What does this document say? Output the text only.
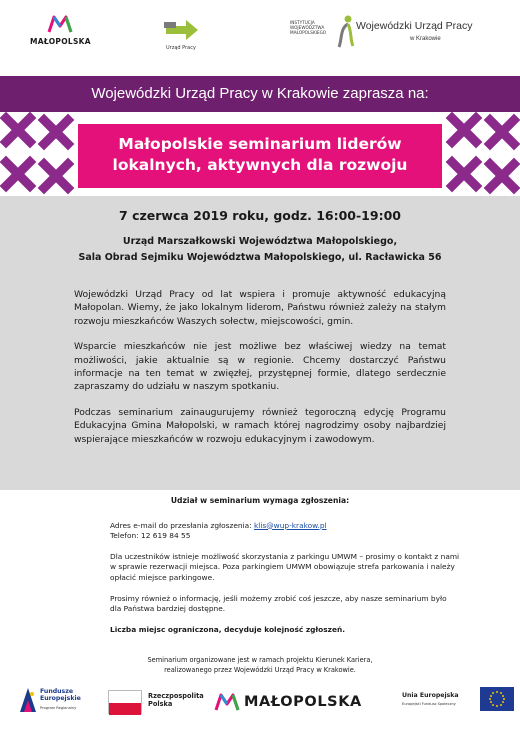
MAŁOPOLSKA
Urząd Pracy
INSTYTUCJA
WOJEWÓDZTWA
MAŁOPOLSKIEGO
Wojewódzki Urząd Pracy
w Krakowie
Wojewódzki Urząd Pracy w Krakowie zaprasza na:
Małopolskie seminarium liderów
lokalnych, aktywnych dla rozwoju
7 czerwca 2019 roku, godz. 16:00-19:00
Urząd Marszałkowski Województwa Małopolskiego,
Sala Obrad Sejmiku Województwa Małopolskiego, ul. Racławicka 56

Wojewódzki Urząd Pracy od lat wspiera i promuje aktywność edukacyjną Małopolan. Wiemy, że jako lokalnym liderom, Państwu również zależy na stałym rozwoju mieszkańców Waszych sołectw, miejscowości, gmin.

Wsparcie mieszkańców nie jest możliwe bez właściwej wiedzy na temat możliwości, jakie aktualnie są w regionie. Chcemy dostarczyć Państwu informacje na ten temat w zwięzłej, przystępnej formie, dlatego serdecznie zapraszamy do udziału w naszym spotkaniu.

Podczas seminarium zainaugurujemy również tegoroczną edycję Programu Edukacyjna Gmina Małopolski, w ramach której nagrodzimy osoby najbardziej wspierające mieszkańców w rozwoju edukacyjnym i zawodowym.

Udział w seminarium wymaga zgłoszenia:

Adres e-mail do przesłania zgłoszenia: klis@wup-krakow.pl
Telefon: 12 619 84 55

Dla uczestników istnieje możliwość skorzystania z parkingu UMWM – prosimy o kontakt z nami w sprawie rezerwacji miejsca. Poza parkingiem UMWM obowiązuje strefa parkowania i należy opłacić miejsce parkingowe.

Prosimy również o informację, jeśli możemy zrobić coś jeszcze, aby nasze seminarium było dla Państwa bardziej dostępne.

Liczba miejsc ograniczona, decyduje kolejność zgłoszeń.

Seminarium organizowane jest w ramach projektu Kierunek Kariera,
realizowanego przez Wojewódzki Urząd Pracy w Krakowie.
Fundusze
Europejskie
Program Regionalny
Rzeczpospolita
Polska	MAŁOPOLSKA	Unia Europejska
Europejski Fundusz Społeczny
